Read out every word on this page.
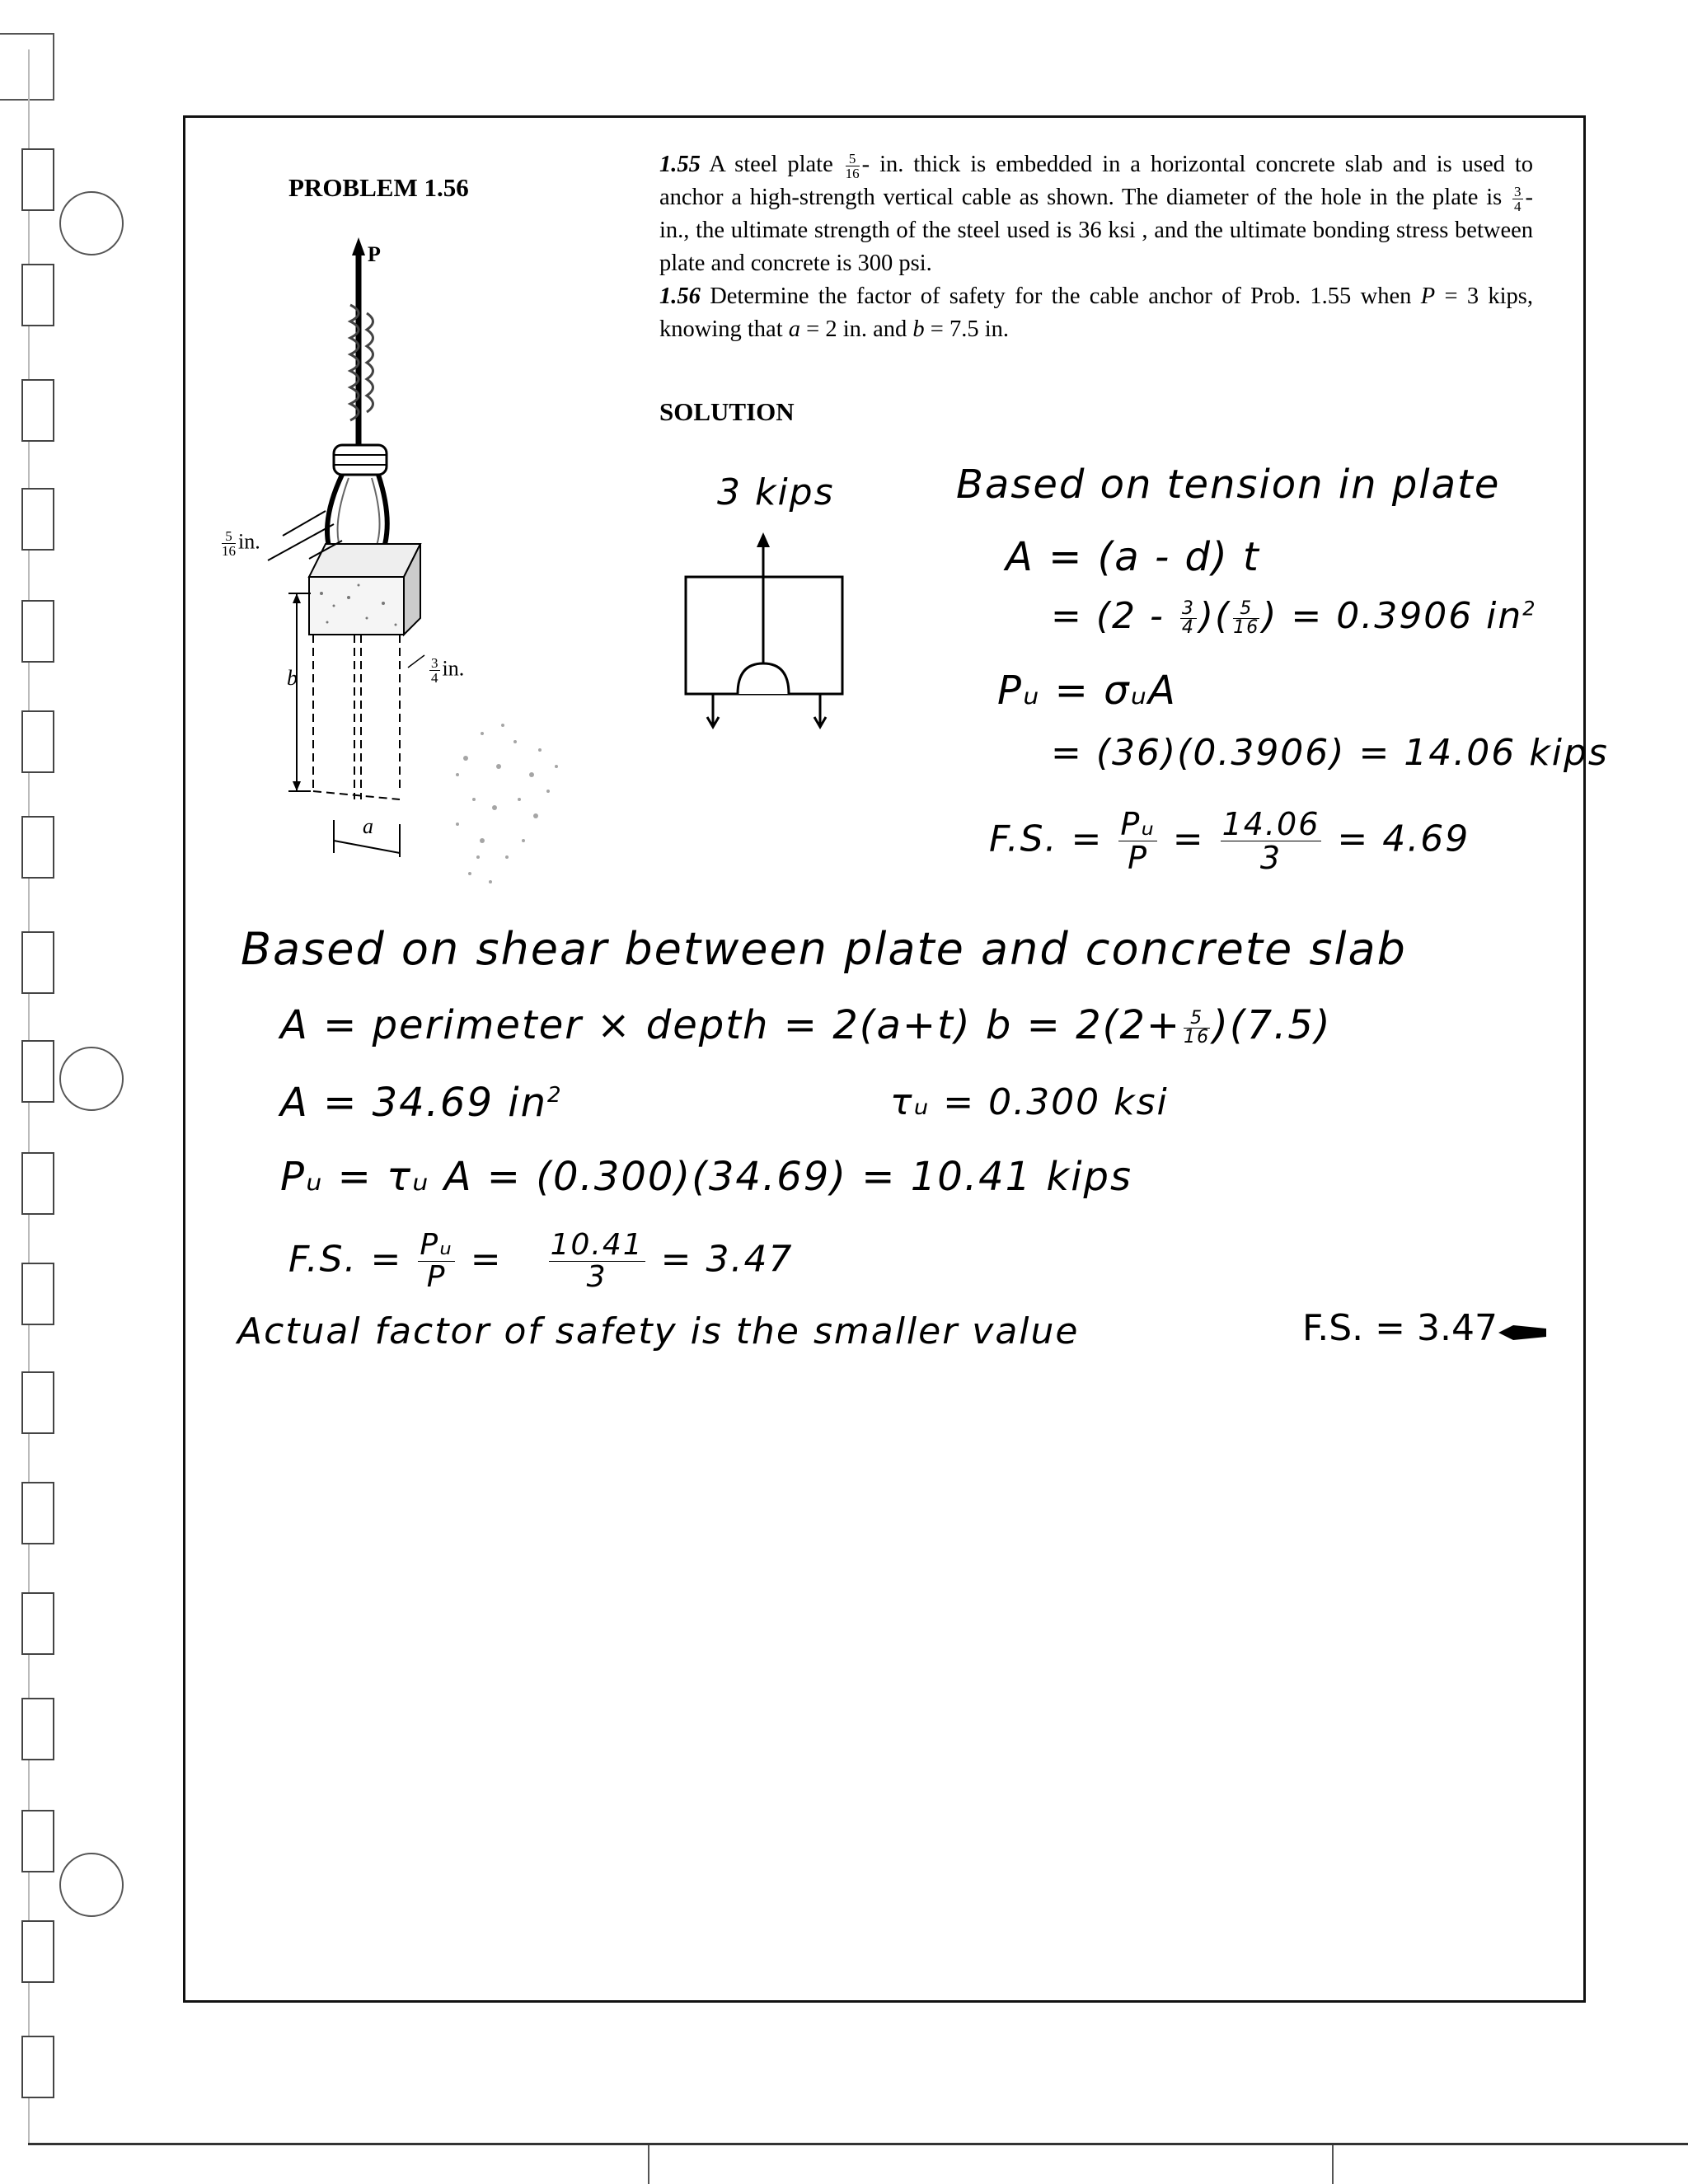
PROBLEM 1.56

1.55 A steel plate $\frac{5}{16}$ - in. thick is embedded in a horizontal concrete slab and is used to anchor a high-strength vertical cable as shown. The diameter of the hole in the plate is $\frac{3}{4}$ - in., the ultimate strength of the steel used is 36 ksi , and the ultimate bonding stress between plate and concrete is 300 psi.

1.56 Determine the factor of safety for the cable anchor of Prob. 1.55 when P = 3 kips, knowing that a = 2 in. and b = 7.5 in.

SOLUTION
P
$\frac{5}{16}$ in.
$\frac{3}{4}$ in.
b
a
3 kips	Based on tension in plate
A = (a - d) t
= ($2 - \frac{3}{4}$ )( $\frac{5}{16}$ ) = 0.3906 $in^2$
Pᵤ = σᵤA
= (36)(0.3906) = 14.06 kips
F.S. = $\frac{\text{Pᵤ}}{P} = \frac{14.06}{3} = 4.69$
Based on shear between plate and concrete slab
A = perimeter × depth = 2(a+t) $b = 2(2+ \frac{5}{16} )(7.5)$
A = 34.69 $in^2$	τᵤ = 0.300 ksi
Pᵤ = τᵤ A = (0.300)(34.69) = 10.41 kips
F.S. = $\frac{\text{Pᵤ}}{P} = \frac{10.41}{3} = 3.47$
Actual factor of safety is the smaller value	F.S. = 3.47
